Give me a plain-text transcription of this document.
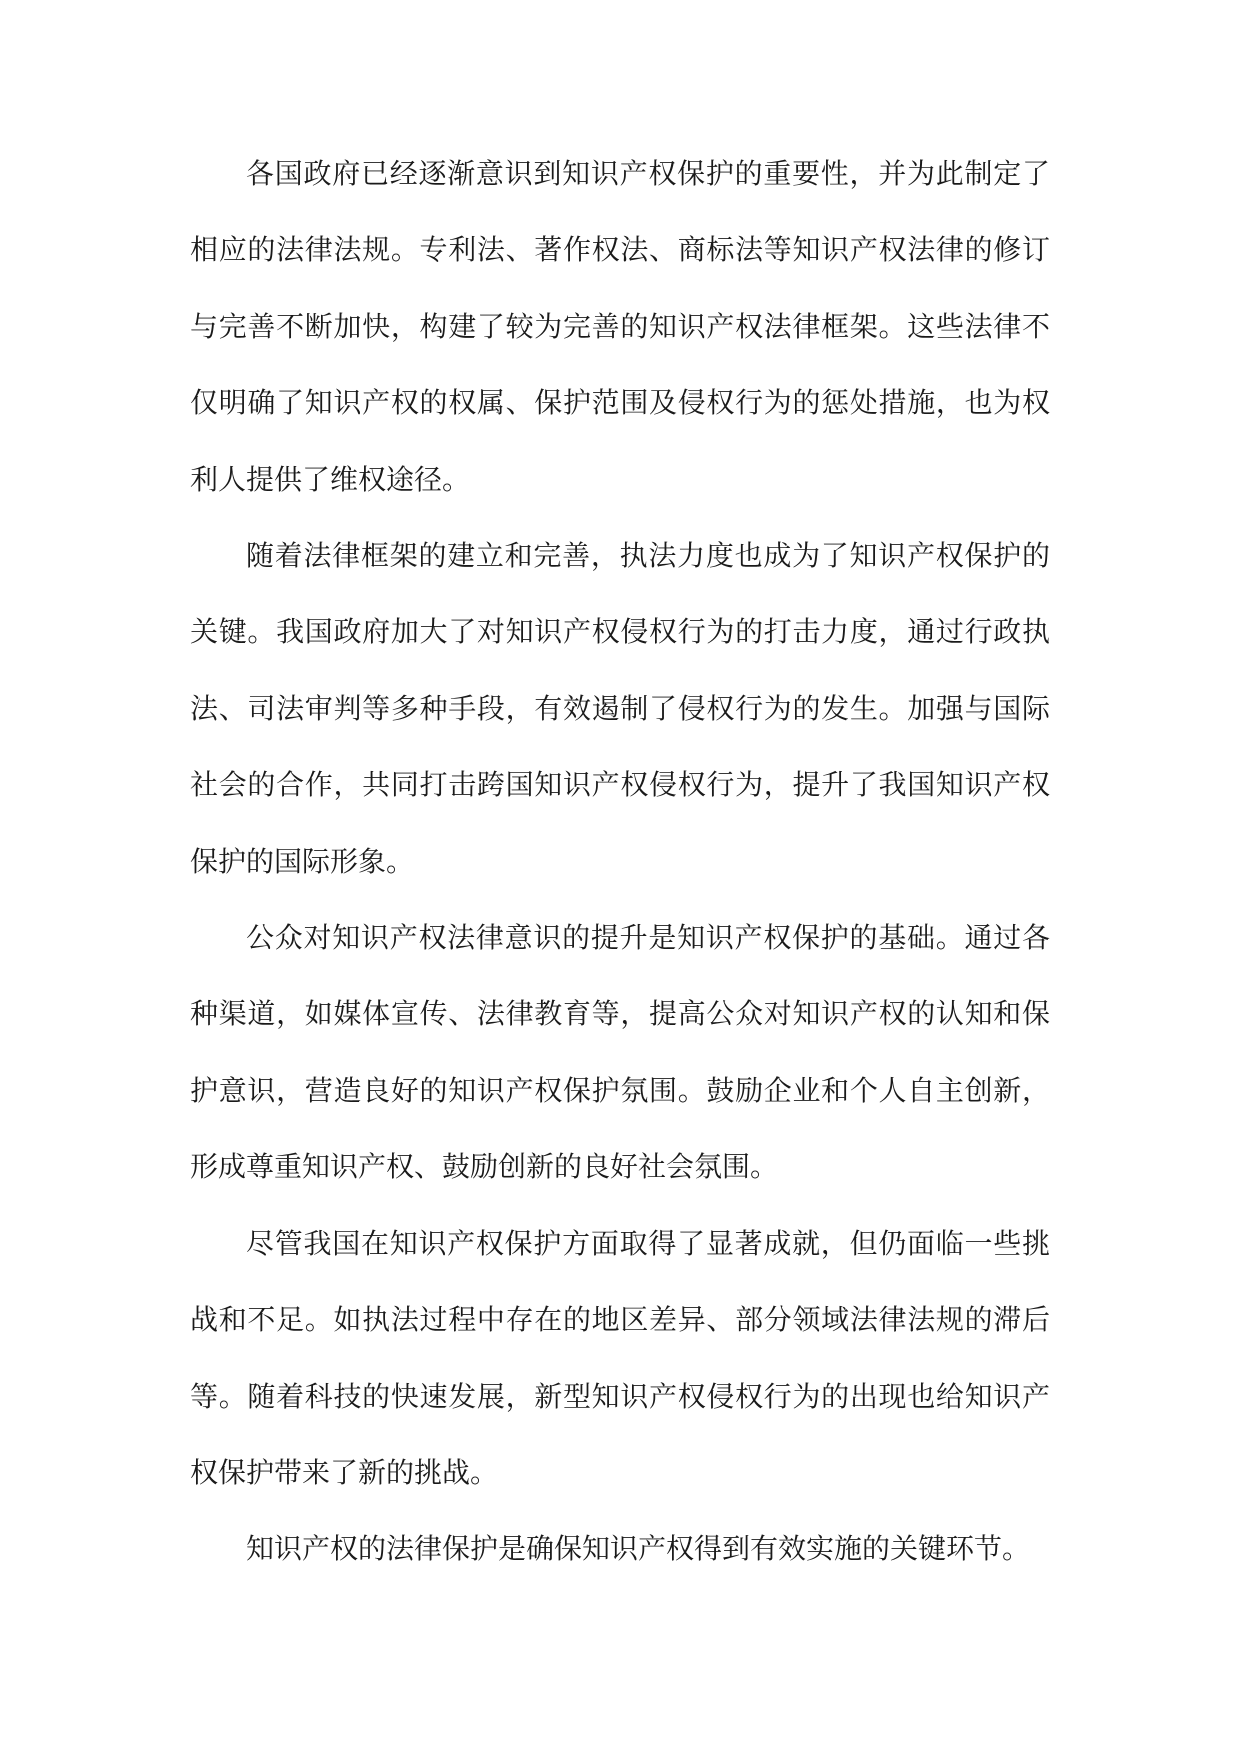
各国政府已经逐渐意识到知识产权保护的重要性，并为此制定了相应的法律法规。专利法、著作权法、商标法等知识产权法律的修订与完善不断加快，构建了较为完善的知识产权法律框架。这些法律不仅明确了知识产权的权属、保护范围及侵权行为的惩处措施，也为权利人提供了维权途径。

随着法律框架的建立和完善，执法力度也成为了知识产权保护的关键。我国政府加大了对知识产权侵权行为的打击力度，通过行政执法、司法审判等多种手段，有效遏制了侵权行为的发生。加强与国际社会的合作，共同打击跨国知识产权侵权行为，提升了我国知识产权保护的国际形象。

公众对知识产权法律意识的提升是知识产权保护的基础。通过各种渠道，如媒体宣传、法律教育等，提高公众对知识产权的认知和保护意识，营造良好的知识产权保护氛围。鼓励企业和个人自主创新，形成尊重知识产权、鼓励创新的良好社会氛围。

尽管我国在知识产权保护方面取得了显著成就，但仍面临一些挑战和不足。如执法过程中存在的地区差异、部分领域法律法规的滞后等。随着科技的快速发展，新型知识产权侵权行为的出现也给知识产权保护带来了新的挑战。

知识产权的法律保护是确保知识产权得到有效实施的关键环节。
